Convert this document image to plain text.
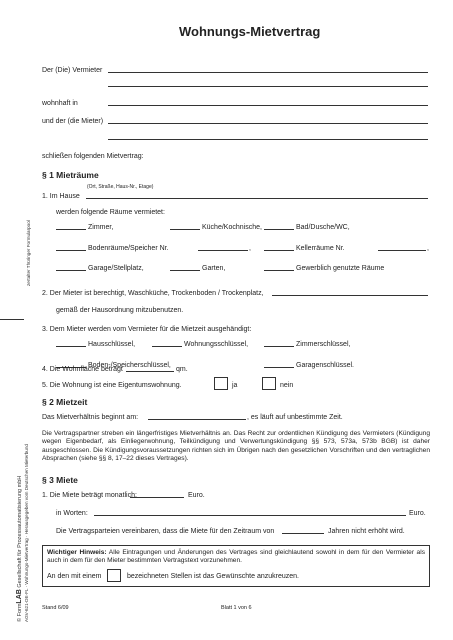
Wohnungs-Mietvertrag
zertalter Thüringer Formularpool
© FormLAB Gesellschaft für Prozessautomatisierung mbH AGV-621-DE-FL · Wohnungs-Mietvertrag · Herausgegeben vom Deutschen Mieterbund
Der (Die) Vermieter
wohnhaft in
und der (die Mieter)
schließen folgenden Mietvertrag:
§ 1 Mieträume
(Ort, Straße, Haus-Nr., Etage)
1. Im Hause
werden folgende Räume vermietet:
Zimmer,	Küche/Kochnische,	Bad/Dusche/WC,
Bodenräume/Speicher Nr.	,	Kellerräume Nr.	,
Garage/Stellplatz,	Garten,	Gewerblich genutzte Räume
2. Der Mieter ist berechtigt, Waschküche, Trockenboden / Trockenplatz,
gemäß der Hausordnung mitzubenutzen.
3. Dem Mieter werden vom Vermieter für die Mietzeit ausgehändigt:
Hausschlüssel,	Wohnungsschlüssel,	Zimmerschlüssel,
Boden-/Speicherschlüssel,	Garagenschlüssel.
4. Die Wohnfläche beträgt	qm.
5. Die Wohnung ist eine Eigentumswohnung.	ja	nein
§ 2 Mietzeit
Das Mietverhältnis beginnt am:	, es läuft auf unbestimmte Zeit.

Die Vertragspartner streben ein längerfristiges Mietverhältnis an. Das Recht zur ordentlichen Kündigung des Vermieters (Kündigung wegen Eigenbedarf, als Einliegerwohnung, Teilkündigung und Verwertungskündigung §§ 573, 573a, 573b BGB) ist daher ausgeschlossen. Die Kündigungsvoraussetzungen richten sich im Übrigen nach den gesetzlichen Vorschriften und den vertraglichen Absprachen (siehe §§ 8, 17–22 dieses Vertrages).

§ 3 Miete
1. Die Miete beträgt monatlich:	Euro.
in Worten:	Euro.
Die Vertragsparteien vereinbaren, dass die Miete für den Zeitraum von	Jahren nicht erhöht wird.

Wichtiger Hinweis: Alle Eintragungen und Änderungen des Vertrages sind gleichlautend sowohl in dem für den Vermieter als auch in dem für den Mieter bestimmten Vertragstext vorzunehmen.

An den mit einem	bezeichneten Stellen ist das Gewünschte anzukreuzen.
Stand 6/09	Blatt 1 von 6
